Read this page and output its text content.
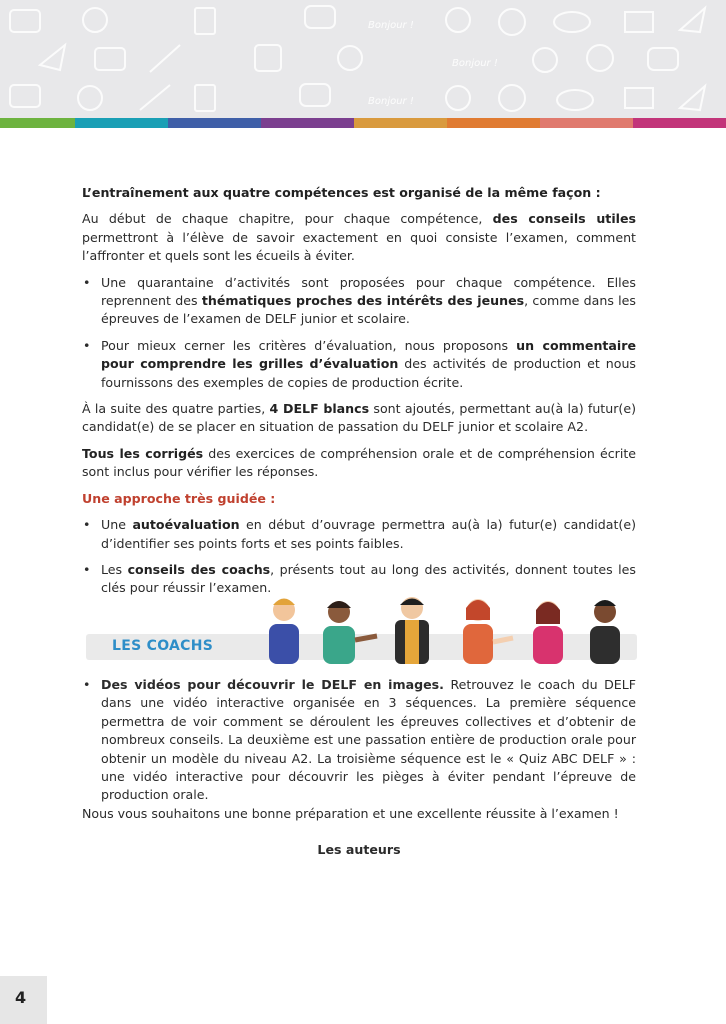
Bonjour !
Bonjour !
Bonjour !

L’entraînement aux quatre compétences est organisé de la même façon :

Au début de chaque chapitre, pour chaque compétence, des conseils utiles permettront à l’élève de savoir exactement en quoi consiste l’examen, comment l’affronter et quels sont les écueils à éviter.

• Une quarantaine d’activités sont proposées pour chaque compétence. Elles reprennent des thématiques proches des intérêts des jeunes, comme dans les épreuves de l’examen de DELF junior et scolaire.
• Pour mieux cerner les critères d’évaluation, nous proposons un commentaire pour comprendre les grilles d’évaluation des activités de production et nous fournissons des exemples de copies de production écrite.

À la suite des quatre parties, 4 DELF blancs sont ajoutés, permettant au(à la) futur(e) candidat(e) de se placer en situation de passation du DELF junior et scolaire A2.

Tous les corrigés des exercices de compréhension orale et de compréhension écrite sont inclus pour vérifier les réponses.

Une approche très guidée :

• Une autoévaluation en début d’ouvrage permettra au(à la) futur(e) candidat(e) d’identifier ses points forts et ses points faibles.
• Les conseils des coachs, présents tout au long des activités, donnent toutes les clés pour réussir l’examen.
LES COACHS
• Des vidéos pour découvrir le DELF en images. Retrouvez le coach du DELF dans une vidéo interactive organisée en 3 séquences. La première séquence permettra de voir comment se déroulent les épreuves collectives et d’obtenir de nombreux conseils. La deuxième est une passation entière de production orale pour obtenir un modèle du niveau A2. La troisième séquence est le « Quiz ABC DELF » : une vidéo interactive pour découvrir les pièges à éviter pendant l’épreuve de production orale.

Nous vous souhaitons une bonne préparation et une excellente réussite à l’examen !

Les auteurs

4
